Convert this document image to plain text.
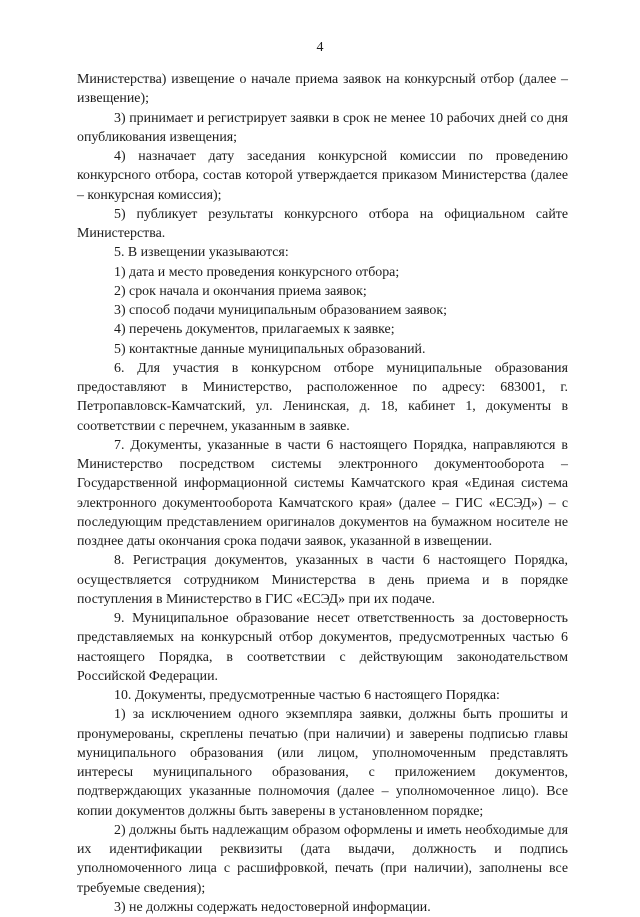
4

Министерства) извещение о начале приема заявок на конкурсный отбор (далее – извещение);

3) принимает и регистрирует заявки в срок не менее 10 рабочих дней со дня опубликования извещения;

4) назначает дату заседания конкурсной комиссии по проведению конкурсного отбора, состав которой утверждается приказом Министерства (далее – конкурсная комиссия);

5) публикует результаты конкурсного отбора на официальном сайте Министерства.

5. В извещении указываются:

1) дата и место проведения конкурсного отбора;

2) срок начала и окончания приема заявок;

3) способ подачи муниципальным образованием заявок;

4) перечень документов, прилагаемых к заявке;

5) контактные данные муниципальных образований.

6. Для участия в конкурсном отборе муниципальные образования предоставляют в Министерство, расположенное по адресу: 683001, г. Петропавловск-Камчатский, ул. Ленинская, д. 18, кабинет 1, документы в соответствии с перечнем, указанным в заявке.

7. Документы, указанные в части 6 настоящего Порядка, направляются в Министерство посредством системы электронного документооборота – Государственной информационной системы Камчатского края «Единая система электронного документооборота Камчатского края» (далее – ГИС «ЕСЭД») – с последующим представлением оригиналов документов на бумажном носителе не позднее даты окончания срока подачи заявок, указанной в извещении.

8. Регистрация документов, указанных в части 6 настоящего Порядка, осуществляется сотрудником Министерства в день приема и в порядке поступления в Министерство в ГИС «ЕСЭД» при их подаче.

9. Муниципальное образование несет ответственность за достоверность представляемых на конкурсный отбор документов, предусмотренных частью 6 настоящего Порядка, в соответствии с действующим законодательством Российской Федерации.

10. Документы, предусмотренные частью 6 настоящего Порядка:

1) за исключением одного экземпляра заявки, должны быть прошиты и пронумерованы, скреплены печатью (при наличии) и заверены подписью главы муниципального образования (или лицом, уполномоченным представлять интересы муниципального образования, с приложением документов, подтверждающих указанные полномочия (далее – уполномоченное лицо). Все копии документов должны быть заверены в установленном порядке;

2) должны быть надлежащим образом оформлены и иметь необходимые для их идентификации реквизиты (дата выдачи, должность и подпись уполномоченного лица с расшифровкой, печать (при наличии), заполнены все требуемые сведения);

3) не должны содержать недостоверной информации.
